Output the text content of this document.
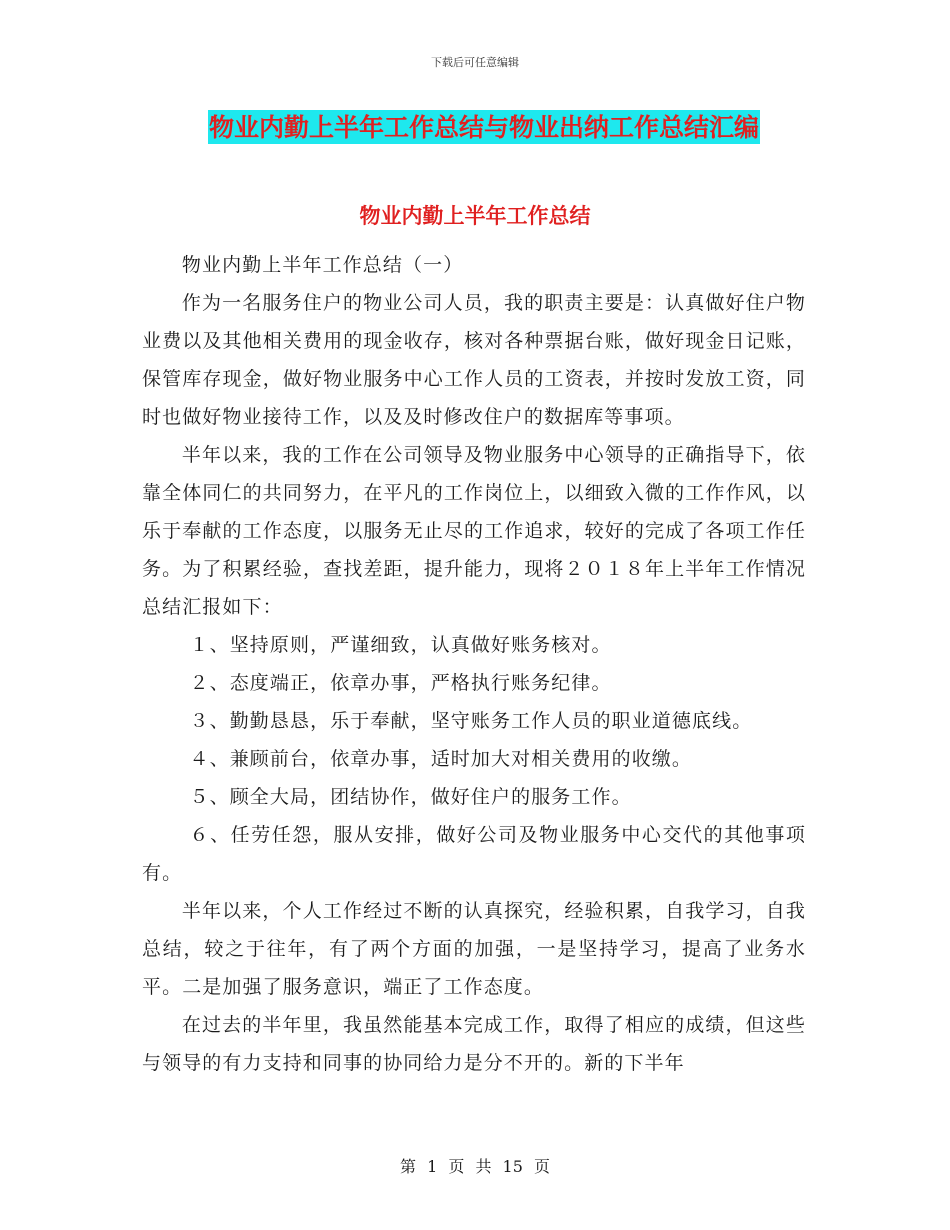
下载后可任意编辑
物业内勤上半年工作总结与物业出纳工作总结汇编
物业内勤上半年工作总结

物业内勤上半年工作总结（一）

作为一名服务住户的物业公司人员，我的职责主要是：认真做好住户物业费以及其他相关费用的现金收存，核对各种票据台账，做好现金日记账，保管库存现金，做好物业服务中心工作人员的工资表，并按时发放工资，同时也做好物业接待工作，以及及时修改住户的数据库等事项。

半年以来，我的工作在公司领导及物业服务中心领导的正确指导下，依靠全体同仁的共同努力，在平凡的工作岗位上，以细致入微的工作作风，以乐于奉献的工作态度，以服务无止尽的工作追求，较好的完成了各项工作任务。为了积累经验，查找差距，提升能力，现将２０１８年上半年工作情况总结汇报如下：

１、坚持原则，严谨细致，认真做好账务核对。

２、态度端正，依章办事，严格执行账务纪律。

３、勤勤恳恳，乐于奉献，坚守账务工作人员的职业道德底线。

４、兼顾前台，依章办事，适时加大对相关费用的收缴。

５、顾全大局，团结协作，做好住户的服务工作。

６、任劳任怨，服从安排，做好公司及物业服务中心交代的其他事项有。

半年以来，个人工作经过不断的认真探究，经验积累，自我学习，自我总结，较之于往年，有了两个方面的加强，一是坚持学习，提高了业务水平。二是加强了服务意识，端正了工作态度。

在过去的半年里，我虽然能基本完成工作，取得了相应的成绩，但这些与领导的有力支持和同事的协同给力是分不开的。新的下半年

第 1 页 共 15 页
